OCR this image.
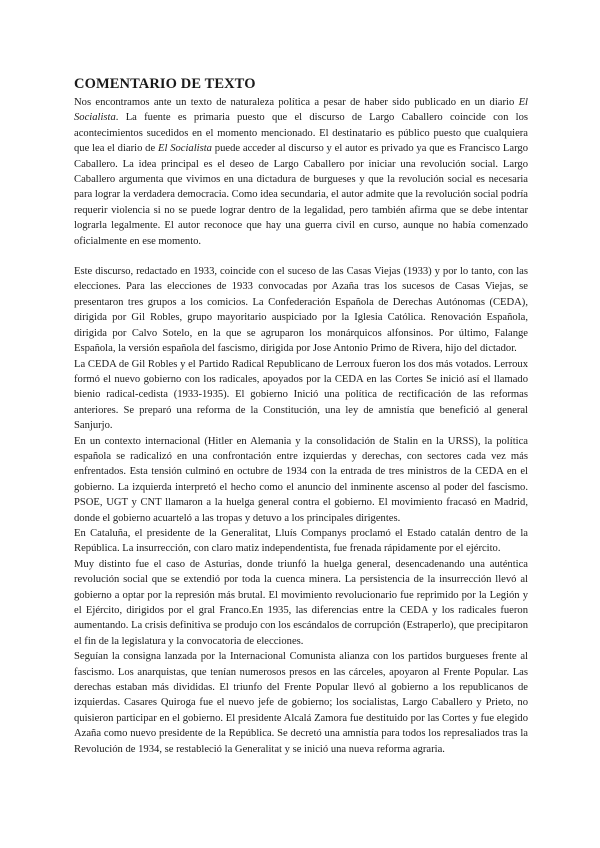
COMENTARIO DE TEXTO

Nos encontramos ante un texto de naturaleza política a pesar de haber sido publicado en un diario El Socialista. La fuente es primaria puesto que el discurso de Largo Caballero coincide con los acontecimientos sucedidos en el momento mencionado. El destinatario es público puesto que cualquiera que lea el diario de El Socialista puede acceder al discurso y el autor es privado ya que es Francisco Largo Caballero. La idea principal es el deseo de Largo Caballero por iniciar una revolución social. Largo Caballero argumenta que vivimos en una dictadura de burgueses y que la revolución social es necesaria para lograr la verdadera democracia. Como idea secundaria, el autor admite que la revolución social podría requerir violencia si no se puede lograr dentro de la legalidad, pero también afirma que se debe intentar lograrla legalmente. El autor reconoce que hay una guerra civil en curso, aunque no había comenzado oficialmente en ese momento.

Este discurso, redactado en 1933, coincide con el suceso de las Casas Viejas (1933) y por lo tanto, con las elecciones. Para las elecciones de 1933 convocadas por Azaña tras los sucesos de Casas Viejas, se presentaron tres grupos a los comicios. La Confederación Española de Derechas Autónomas (CEDA), dirigida por Gil Robles, grupo mayoritario auspiciado por la Iglesia Católica. Renovación Española, dirigida por Calvo Sotelo, en la que se agruparon los monárquicos alfonsinos. Por último, Falange Española, la versión española del fascismo, dirigida por Jose Antonio Primo de Rivera, hijo del dictador.

La CEDA de Gil Robles y el Partido Radical Republicano de Lerroux fueron los dos más votados. Lerroux formó el nuevo gobierno con los radicales, apoyados por la CEDA en las Cortes Se inició así el llamado bienio radical-cedista (1933-1935). El gobierno Inició una política de rectificación de las reformas anteriores. Se preparó una reforma de la Constitución, una ley de amnistía que benefició al general Sanjurjo.

En un contexto internacional (Hitler en Alemania y la consolidación de Stalin en la URSS), la política española se radicalizó en una confrontación entre izquierdas y derechas, con sectores cada vez más enfrentados. Esta tensión culminó en octubre de 1934 con la entrada de tres ministros de la CEDA en el gobierno. La izquierda interpretó el hecho como el anuncio del inminente ascenso al poder del fascismo. PSOE, UGT y CNT llamaron a la huelga general contra el gobierno. El movimiento fracasó en Madrid, donde el gobierno acuarteló a las tropas y detuvo a los principales dirigentes.

En Cataluña, el presidente de la Generalitat, Lluís Companys proclamó el Estado catalán dentro de la República. La insurrección, con claro matiz independentista, fue frenada rápidamente por el ejército.

Muy distinto fue el caso de Asturias, donde triunfó la huelga general, desencadenando una auténtica revolución social que se extendió por toda la cuenca minera. La persistencia de la insurrección llevó al gobierno a optar por la represión más brutal. El movimiento revolucionario fue reprimido por la Legión y el Ejército, dirigidos por el gral Franco.En 1935, las diferencias entre la CEDA y los radicales fueron aumentando. La crisis definitiva se produjo con los escándalos de corrupción (Estraperlo), que precipitaron el fin de la legislatura y la convocatoria de elecciones.

Seguían la consigna lanzada por la Internacional Comunista alianza con los partidos burgueses frente al fascismo. Los anarquistas, que tenían numerosos presos en las cárceles, apoyaron al Frente Popular. Las derechas estaban más divididas. El triunfo del Frente Popular llevó al gobierno a los republicanos de izquierdas. Casares Quiroga fue el nuevo jefe de gobierno; los socialistas, Largo Caballero y Prieto, no quisieron participar en el gobierno. El presidente Alcalá Zamora fue destituido por las Cortes y fue elegido Azaña como nuevo presidente de la República. Se decretó una amnistía para todos los represaliados tras la Revolución de 1934, se restableció la Generalitat y se inició una nueva reforma agraria.
